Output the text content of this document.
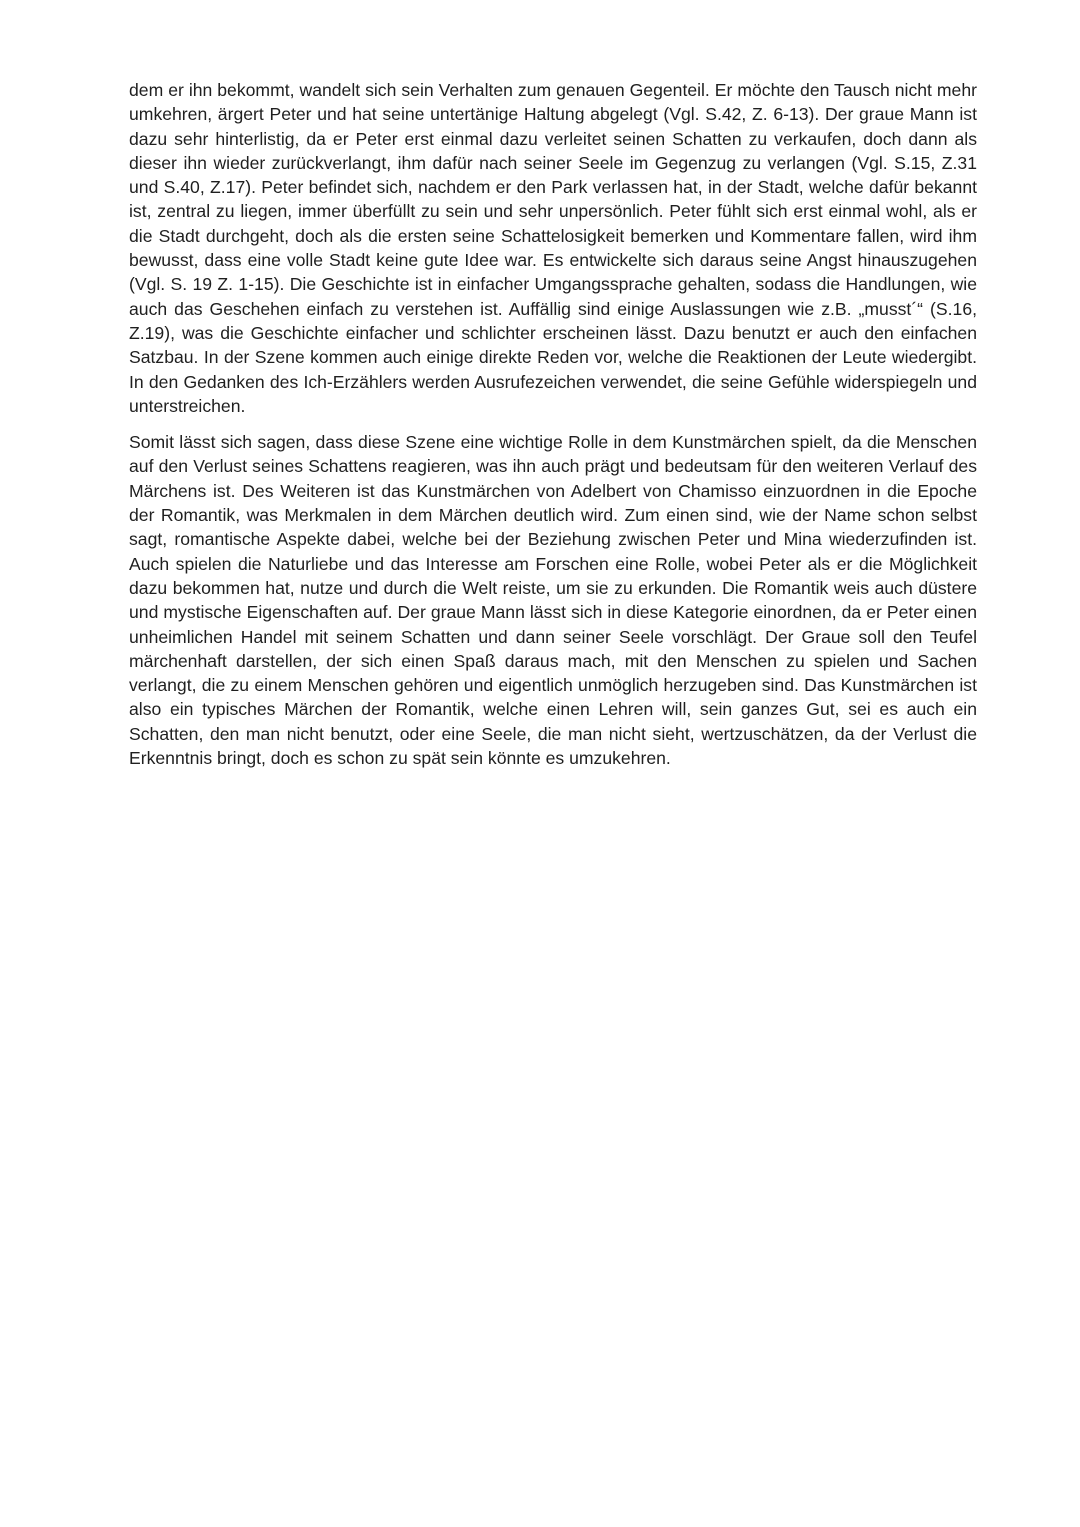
dem er ihn bekommt, wandelt sich sein Verhalten zum genauen Gegenteil. Er möchte den Tausch nicht mehr umkehren, ärgert Peter und hat seine untertänige Haltung abgelegt (Vgl. S.42, Z. 6-13). Der graue Mann ist dazu sehr hinterlistig, da er Peter erst einmal dazu verleitet seinen Schatten zu verkaufen, doch dann als dieser ihn wieder zurückverlangt, ihm dafür nach seiner Seele im Gegenzug zu verlangen (Vgl. S.15, Z.31 und S.40, Z.17). Peter befindet sich, nachdem er den Park verlassen hat, in der Stadt, welche dafür bekannt ist, zentral zu liegen, immer überfüllt zu sein und sehr unpersönlich. Peter fühlt sich erst einmal wohl, als er die Stadt durchgeht, doch als die ersten seine Schattelosigkeit bemerken und Kommentare fallen, wird ihm bewusst, dass eine volle Stadt keine gute Idee war. Es entwickelte sich daraus seine Angst hinauszugehen (Vgl. S. 19 Z. 1-15). Die Geschichte ist in einfacher Umgangssprache gehalten, sodass die Handlungen, wie auch das Geschehen einfach zu verstehen ist. Auffällig sind einige Auslassungen wie z.B. „musst´“ (S.16, Z.19), was die Geschichte einfacher und schlichter erscheinen lässt. Dazu benutzt er auch den einfachen Satzbau. In der Szene kommen auch einige direkte Reden vor, welche die Reaktionen der Leute wiedergibt. In den Gedanken des Ich-Erzählers werden Ausrufezeichen verwendet, die seine Gefühle widerspiegeln und unterstreichen.

Somit lässt sich sagen, dass diese Szene eine wichtige Rolle in dem Kunstmärchen spielt, da die Menschen auf den Verlust seines Schattens reagieren, was ihn auch prägt und bedeutsam für den weiteren Verlauf des Märchens ist. Des Weiteren ist das Kunstmärchen von Adelbert von Chamisso einzuordnen in die Epoche der Romantik, was Merkmalen in dem Märchen deutlich wird. Zum einen sind, wie der Name schon selbst sagt, romantische Aspekte dabei, welche bei der Beziehung zwischen Peter und Mina wiederzufinden ist. Auch spielen die Naturliebe und das Interesse am Forschen eine Rolle, wobei Peter als er die Möglichkeit dazu bekommen hat, nutze und durch die Welt reiste, um sie zu erkunden. Die Romantik weis auch düstere und mystische Eigenschaften auf. Der graue Mann lässt sich in diese Kategorie einordnen, da er Peter einen unheimlichen Handel mit seinem Schatten und dann seiner Seele vorschlägt. Der Graue soll den Teufel märchenhaft darstellen, der sich einen Spaß daraus mach, mit den Menschen zu spielen und Sachen verlangt, die zu einem Menschen gehören und eigentlich unmöglich herzugeben sind. Das Kunstmärchen ist also ein typisches Märchen der Romantik, welche einen Lehren will, sein ganzes Gut, sei es auch ein Schatten, den man nicht benutzt, oder eine Seele, die man nicht sieht, wertzuschätzen, da der Verlust die Erkenntnis bringt, doch es schon zu spät sein könnte es umzukehren.
